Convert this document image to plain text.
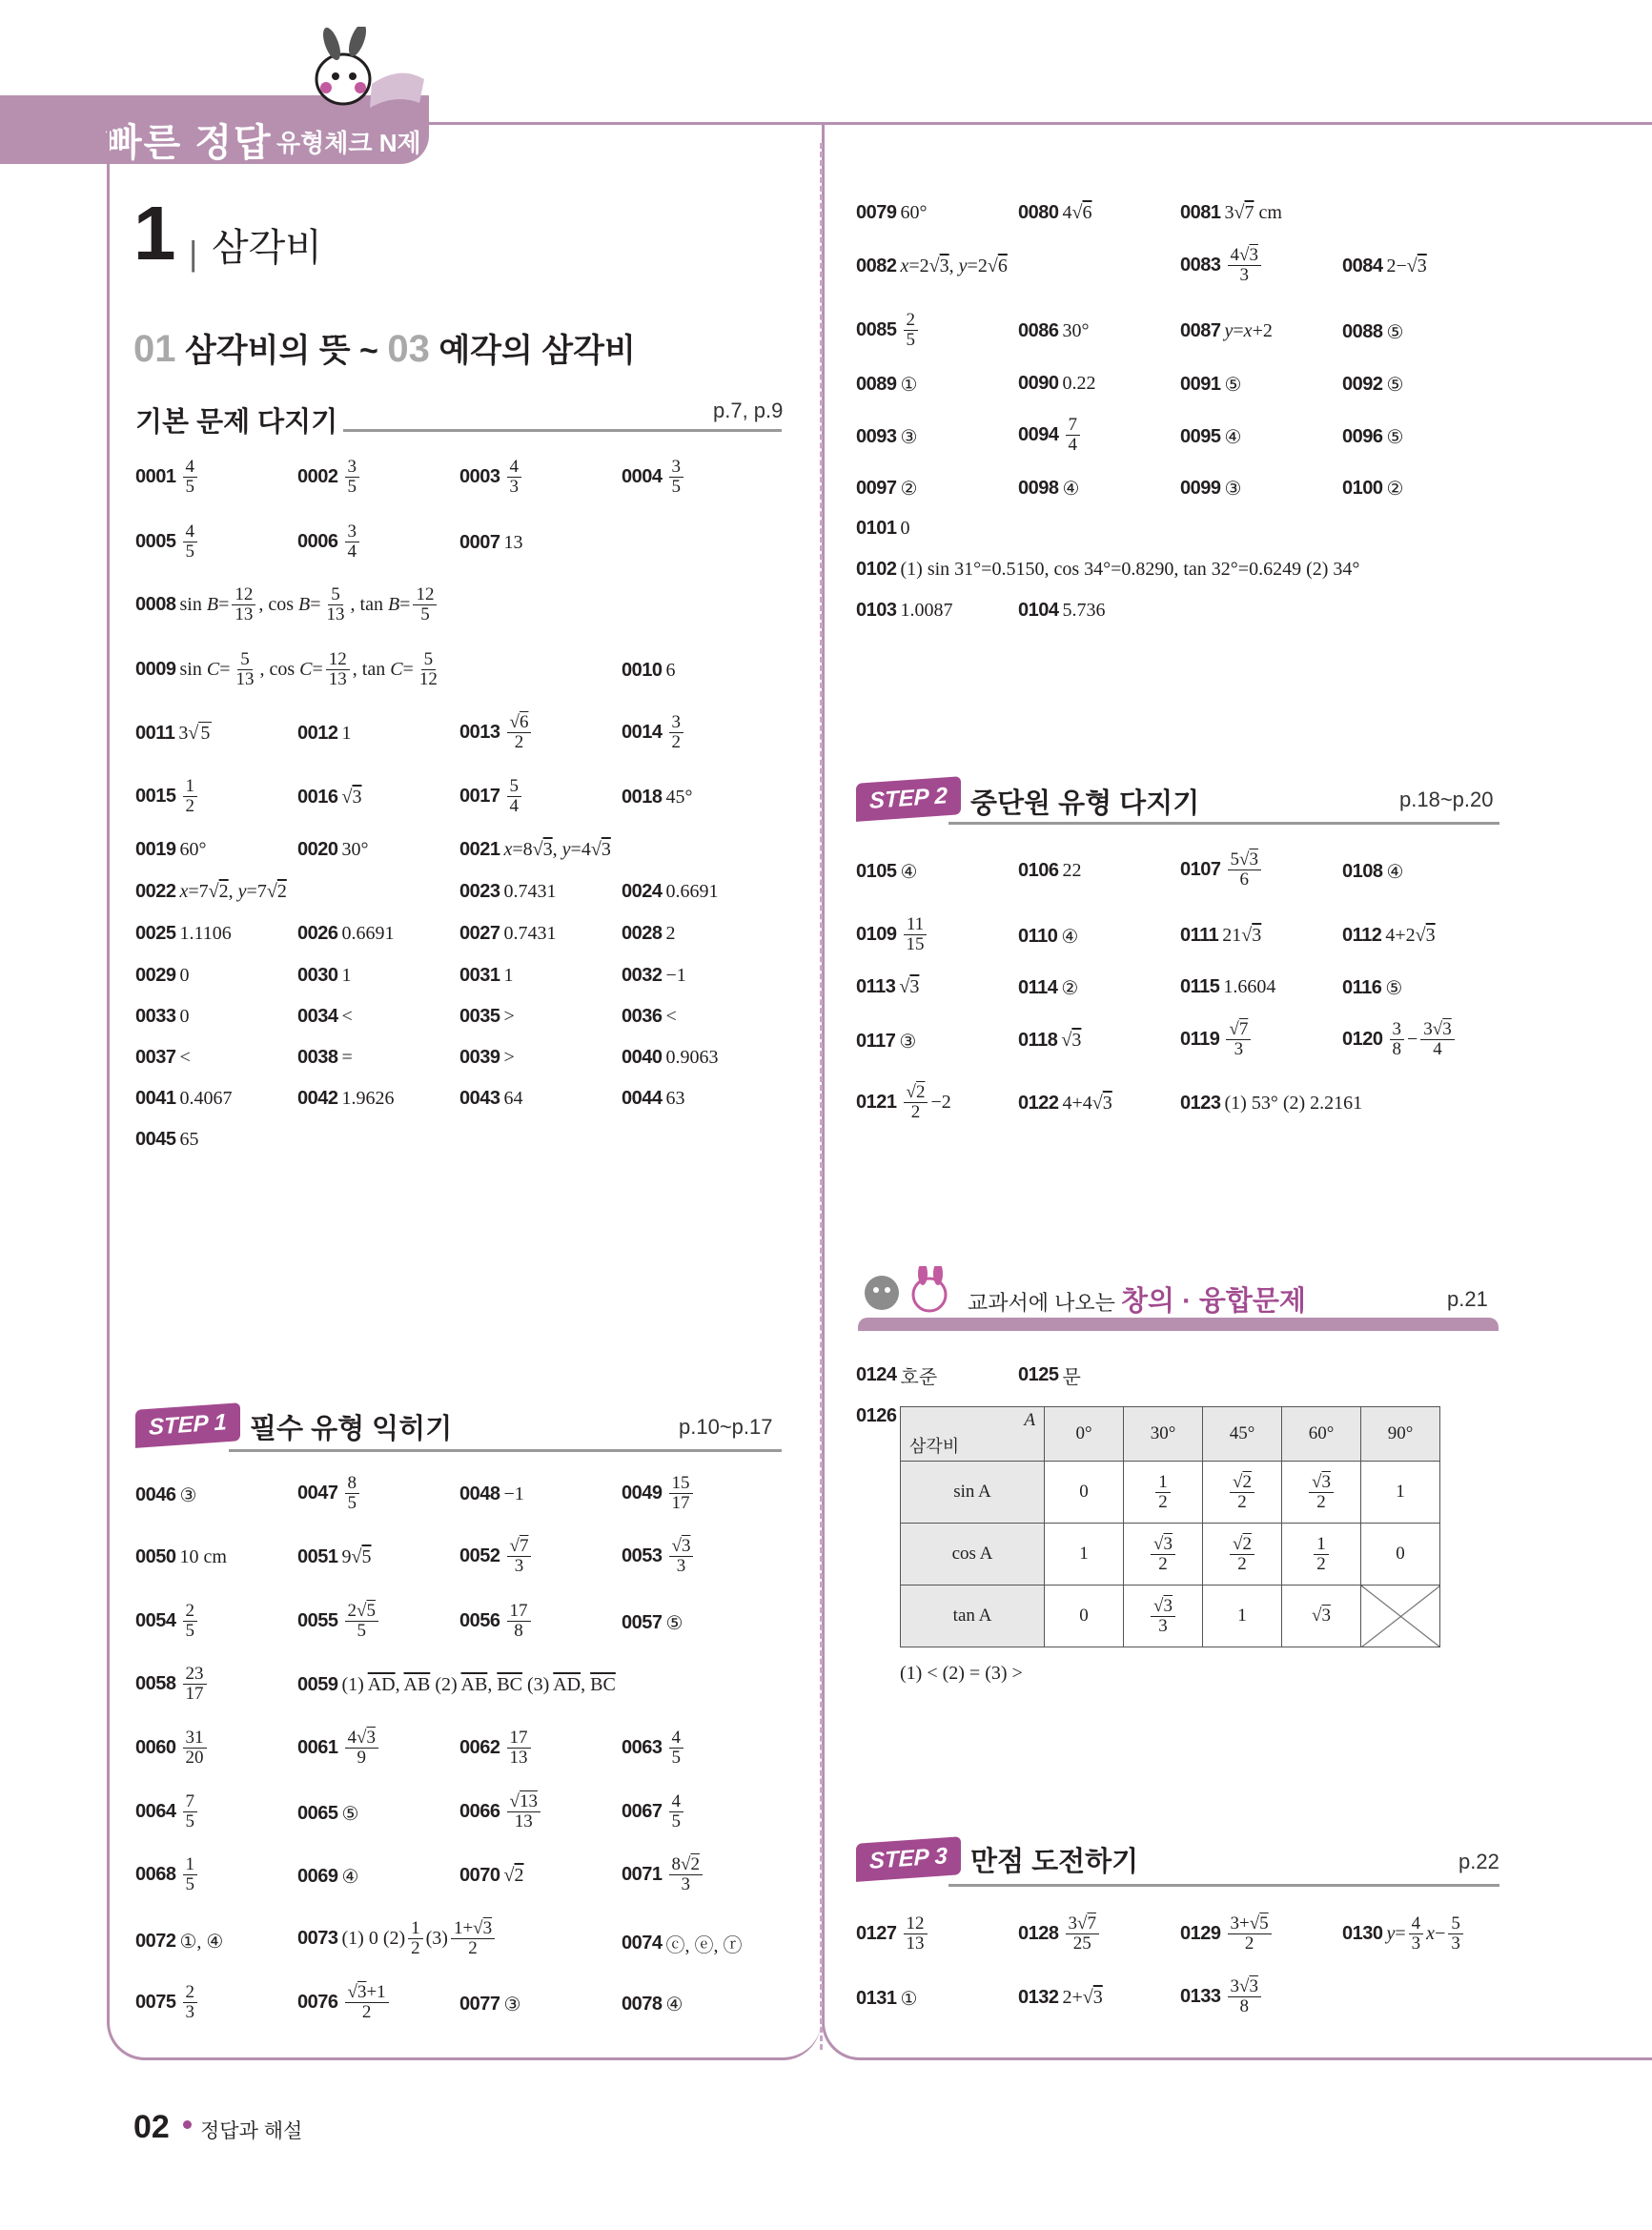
빠른 정답 유형체크 N제
1 | 삼각비
01 삼각비의 뜻 ~ 03 예각의 삼각비
기본 문제 다지기	p.7, p.9
$0001 \frac{4}{5}$	$0002 \frac{3}{5}$	$0003 \frac{4}{3}$	$0004 \frac{3}{5}$
$0005 \frac{4}{5}$	$0006 \frac{3}{4}$	0007 13
0008 $\sin B= \frac{12}{13}$ , $\cos B= \frac{5}{13}$ , $\tan B= \frac{12}{5}$
0009 $\sin C= \frac{5}{13}$ , $\cos C= \frac{12}{13}$ , $\tan C= \frac{5}{12}$	0010 6
0011 3√ 5	0012 1	$0013 \frac{√6}{2}$	$0014 \frac{3}{2}$
$0015 \frac{1}{2}$	0016 √3	$0017 \frac{5}{4}$	0018 45°
0019 60°	0020 30°	0021 x=8√3, y=4√3
0022 x=7√2, y=7√2	0023 0.7431	0024 0.6691
0025 1.1106	0026 0.6691	0027 0.7431	0028 2
0029 0	0030 1	0031 1	0032 −1
0033 0	0034 <	0035 >	0036 <
0037 <	0038 =	0039 >	0040 0.9063
0041 0.4067	0042 1.9626	0043 64	0044 63
0045 65
STEP 1 필수 유형 익히기	p.10~p.17
0046 ③	$0047 \frac{8}{5}$	0048 −1	$0049 \frac{15}{17}$
0050 10 cm	0051 9√5	$0052 \frac{√7}{3}$	$0053 \frac{√3}{3}$
$0054 \frac{2}{5}$	$0055 \frac{2√5}{5}$	$0056 \frac{17}{8}$	0057 ⑤
$0058 \frac{23}{17}$	0059 (1) $\overline{AD}$, $\overline{AB}$ (2) $\overline{AB}$, $\overline{BC}$ (3) $\overline{AD}$, $\overline{BC}$
$0060 \frac{31}{20}$	$0061 \frac{4√3}{9}$	$0062 \frac{17}{13}$	$0063 \frac{4}{5}$
$0064 \frac{7}{5}$	0065 ⑤	$0066 \frac{√13}{13}$	$0067 \frac{4}{5}$
$0068 \frac{1}{5}$	0069 ④	0070 √2	$0071 \frac{8√2}{3}$
0072 ①, ④	0073 (1) 0 $(2) \frac{1}{2} (3) \frac{1+√3}{2}$	0074 ⓒ, ⓔ, ⓡ
$0075 \frac{2}{3}$	$0076 \frac{√3+1}{2}$	0077 ③	0078 ④
0079 60°	0080 4√6	0081 3√7 cm
0082 x=2√3, y=2√6	$0083 \frac{4√3}{3}$	0084 2−√3
$0085 \frac{2}{5}$	0086 30°	0087 y=x+2	0088 ⑤
0089 ①	0090 0.22	0091 ⑤	0092 ⑤
0093 ③	$0094 \frac{7}{4}$	0095 ④	0096 ⑤
0097 ②	0098 ④	0099 ③	0100 ②
0101 0
0102 (1) sin 31°=0.5150, cos 34°=0.8290, tan 32°=0.6249 (2) 34°
0103 1.0087	0104 5.736
STEP 2 중단원 유형 다지기	p.18~p.20
0105 ④	0106 22	$0107 \frac{5√3}{6}$	0108 ④
$0109 \frac{11}{15}$	0110 ④	0111 21√3	0112 4+2√3
0113 √3	0114 ②	0115 1.6604	0116 ⑤
0117 ③	0118 √3	$0119 \frac{√7}{3}$	$0120 \frac{3}{8} - \frac{3√3}{4}$
$0121 \frac{√2}{2} -2$	0122 4+4√3	0123 (1) 53° (2) 2.2161
교과서에 나오는 창의 · 융합문제	p.21
0124 호준	0125 문
0126	A
삼각비	0°	30°	45°	60°	90°
sin A	0	$\frac{1}{2}$	$\frac{√2}{2}$	$\frac{√3}{2}$	1
cos A	1	$\frac{√3}{2}$	$\frac{√2}{2}$	$\frac{1}{2}$	0
tan A	0	$\frac{√3}{3}$	1	√3	
(1) < (2) = (3) >
STEP 3 만점 도전하기	p.22
$0127 \frac{12}{13}$	$0128 \frac{3√7}{25}$	$0129 \frac{3+√5}{2}$	0130 $y= \frac{4}{3} x- \frac{5}{3}$
0131 ①	0132 2+√3	$0133 \frac{3√3}{8}$
02 정답과 해설
